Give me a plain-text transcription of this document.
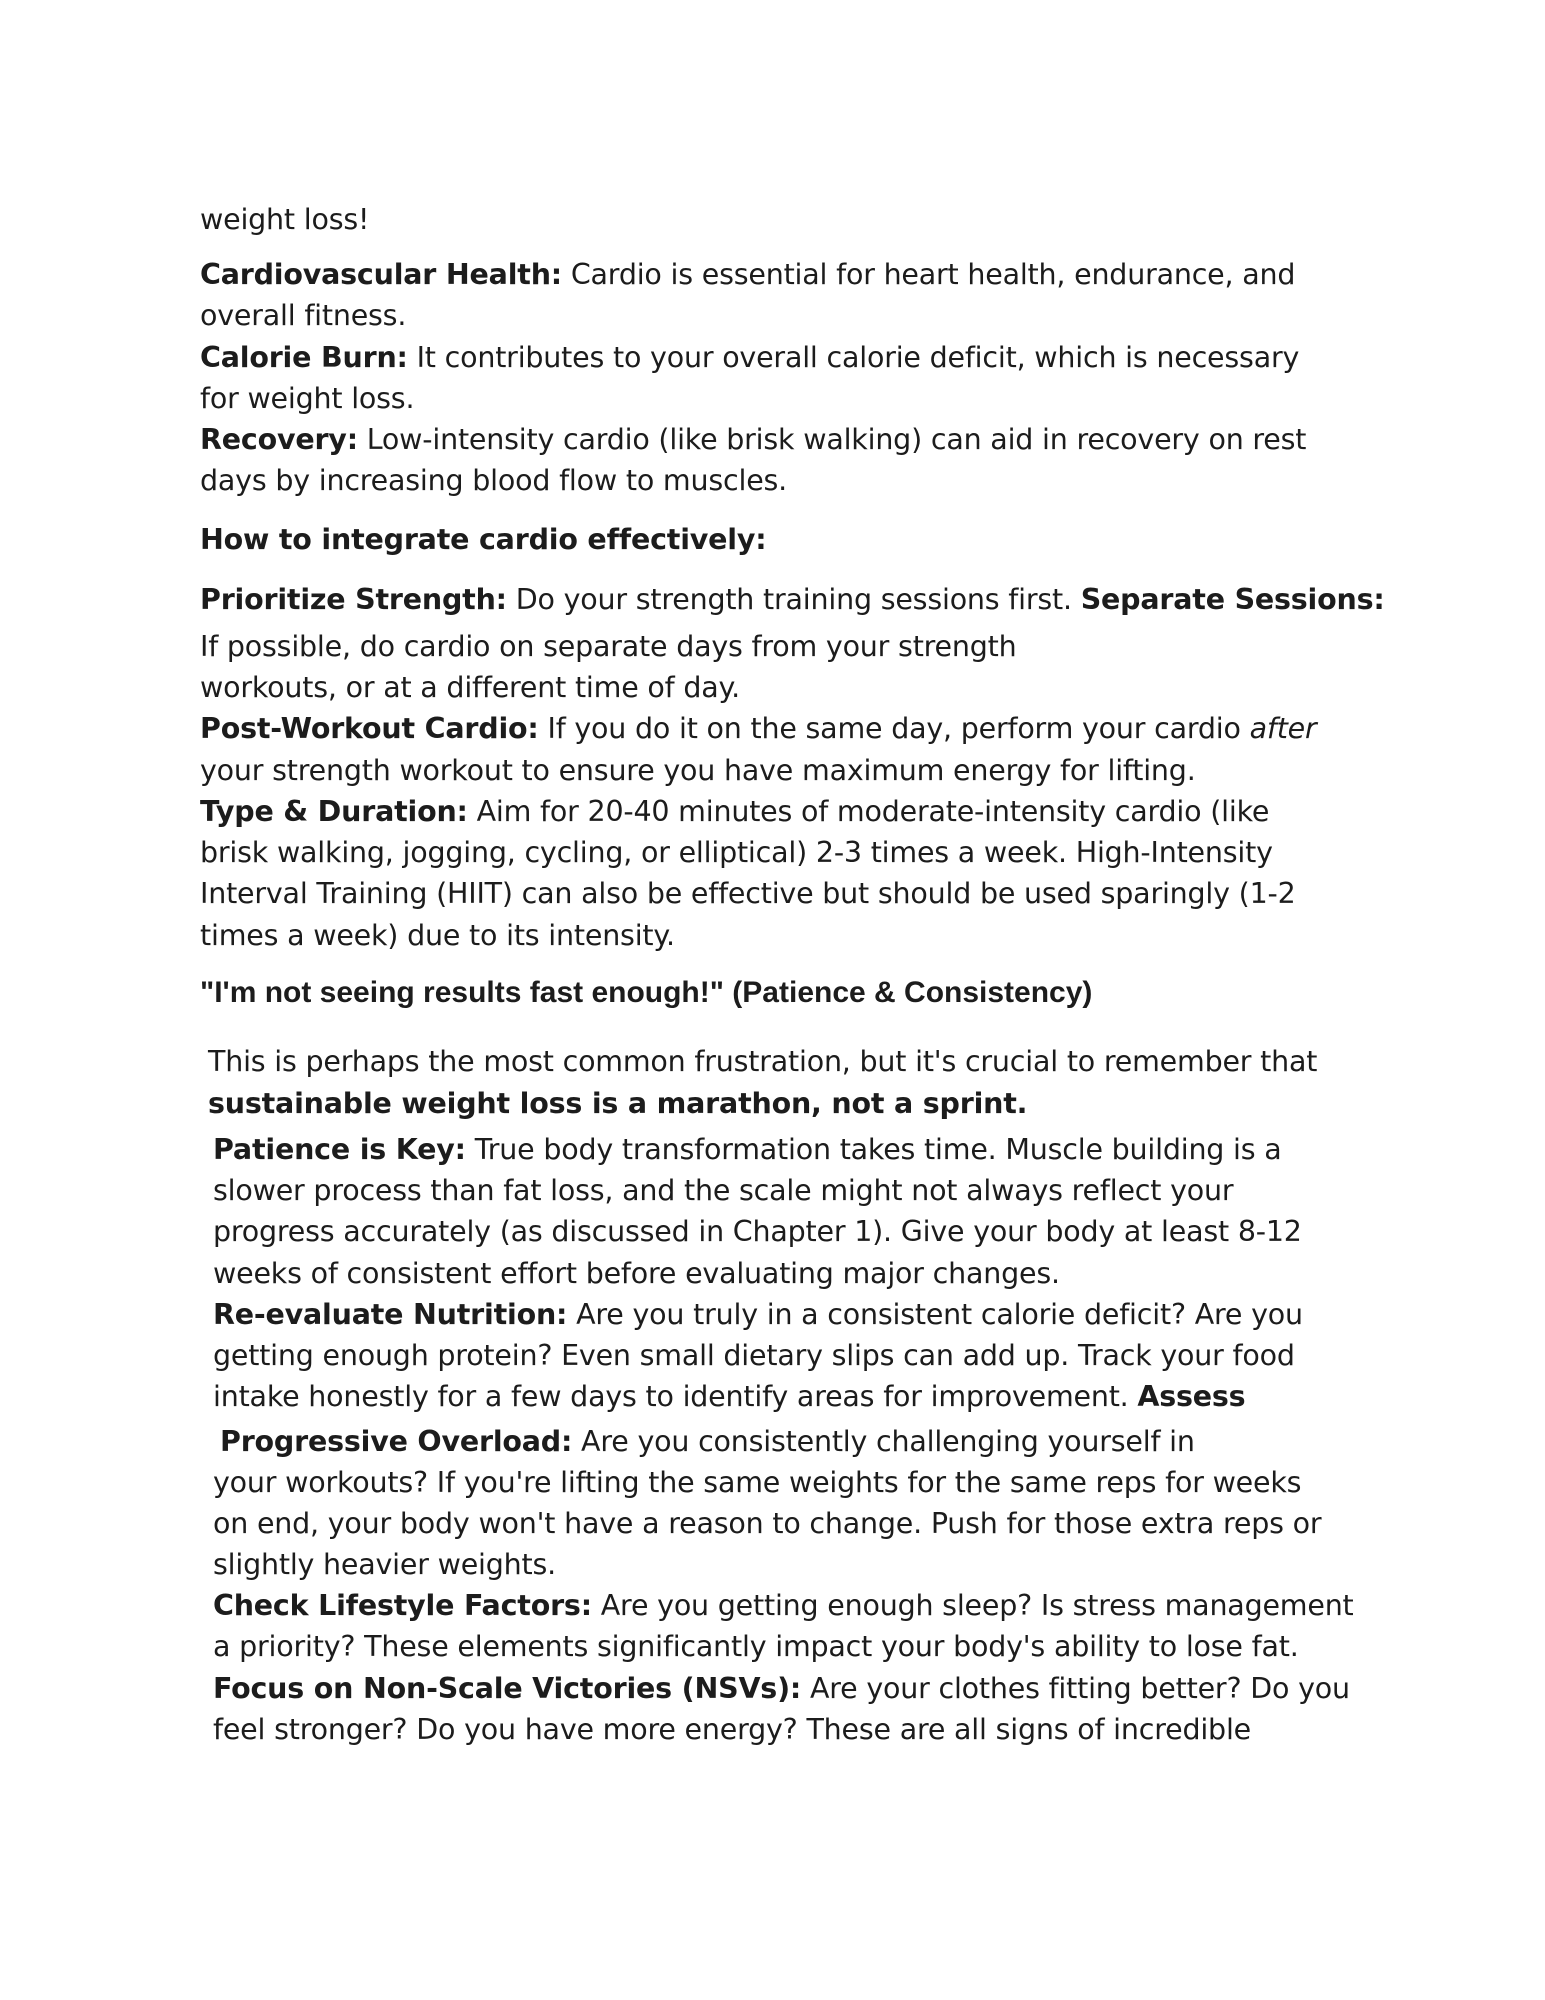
weight loss!
Cardiovascular Health: Cardio is essential for heart health, endurance, and
overall fitness.
Calorie Burn: It contributes to your overall calorie deficit, which is necessary
for weight loss.
Recovery: Low-intensity cardio (like brisk walking) can aid in recovery on rest
days by increasing blood flow to muscles.
How to integrate cardio effectively:
Prioritize Strength: Do your strength training sessions first. Separate Sessions:
If possible, do cardio on separate days from your strength
workouts, or at a different time of day.
Post-Workout Cardio: If you do it on the same day, perform your cardio after
your strength workout to ensure you have maximum energy for lifting.
Type & Duration: Aim for 20-40 minutes of moderate-intensity cardio (like
brisk walking, jogging, cycling, or elliptical) 2-3 times a week. High-Intensity
Interval Training (HIIT) can also be effective but should be used sparingly (1-2
times a week) due to its intensity.
"I'm not seeing results fast enough!" (Patience & Consistency)
This is perhaps the most common frustration, but it's crucial to remember that
sustainable weight loss is a marathon, not a sprint.
Patience is Key: True body transformation takes time. Muscle building is a
slower process than fat loss, and the scale might not always reflect your
progress accurately (as discussed in Chapter 1). Give your body at least 8-12
weeks of consistent effort before evaluating major changes.
Re-evaluate Nutrition: Are you truly in a consistent calorie deficit? Are you
getting enough protein? Even small dietary slips can add up. Track your food
intake honestly for a few days to identify areas for improvement. Assess
Progressive Overload: Are you consistently challenging yourself in
your workouts? If you're lifting the same weights for the same reps for weeks
on end, your body won't have a reason to change. Push for those extra reps or
slightly heavier weights.
Check Lifestyle Factors: Are you getting enough sleep? Is stress management
a priority? These elements significantly impact your body's ability to lose fat.
Focus on Non-Scale Victories (NSVs): Are your clothes fitting better? Do you
feel stronger? Do you have more energy? These are all signs of incredible
